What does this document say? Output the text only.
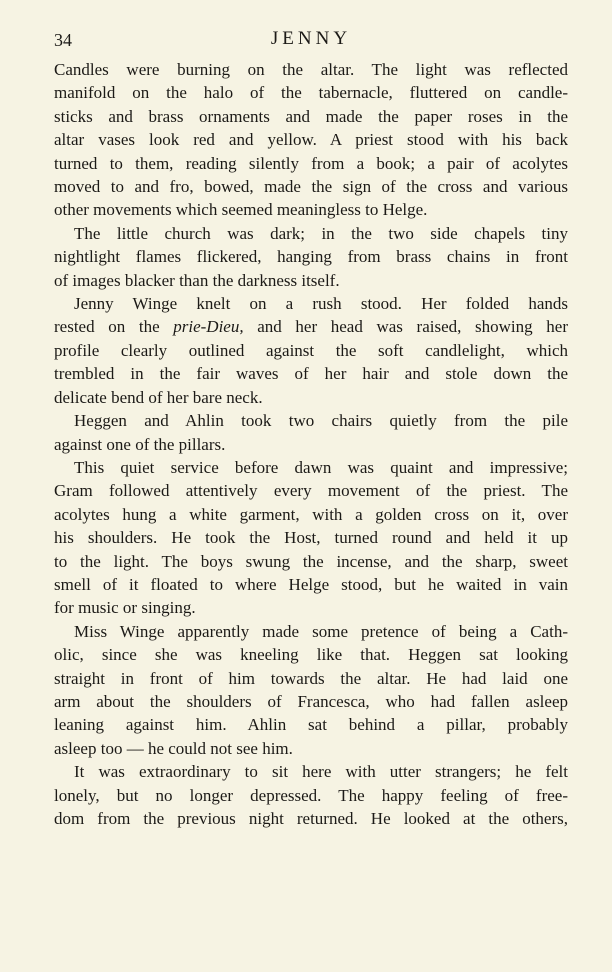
34	JENNY
Candles were burning on the altar. The light was reflected
manifold on the halo of the tabernacle, fluttered on candle-
sticks and brass ornaments and made the paper roses in the
altar vases look red and yellow. A priest stood with his back
turned to them, reading silently from a book; a pair of acolytes
moved to and fro, bowed, made the sign of the cross and various
other movements which seemed meaningless to Helge.
The little church was dark; in the two side chapels tiny
nightlight flames flickered, hanging from brass chains in front
of images blacker than the darkness itself.
Jenny Winge knelt on a rush stood. Her folded hands
rested on the prie-Dieu, and her head was raised, showing her
profile clearly outlined against the soft candlelight, which
trembled in the fair waves of her hair and stole down the
delicate bend of her bare neck.
Heggen and Ahlin took two chairs quietly from the pile
against one of the pillars.
This quiet service before dawn was quaint and impressive;
Gram followed attentively every movement of the priest. The
acolytes hung a white garment, with a golden cross on it, over
his shoulders. He took the Host, turned round and held it up
to the light. The boys swung the incense, and the sharp, sweet
smell of it floated to where Helge stood, but he waited in vain
for music or singing.
Miss Winge apparently made some pretence of being a Cath-
olic, since she was kneeling like that. Heggen sat looking
straight in front of him towards the altar. He had laid one
arm about the shoulders of Francesca, who had fallen asleep
leaning against him. Ahlin sat behind a pillar, probably
asleep too — he could not see him.
It was extraordinary to sit here with utter strangers; he felt
lonely, but no longer depressed. The happy feeling of free-
dom from the previous night returned. He looked at the others,
